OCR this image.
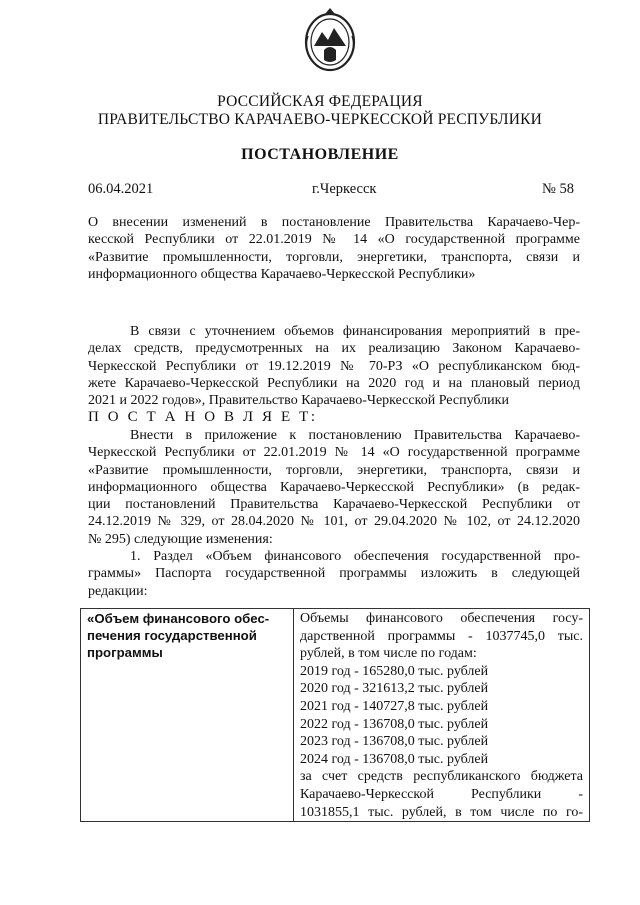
РОССИЙСКАЯ ФЕДЕРАЦИЯ
ПРАВИТЕЛЬСТВО КАРАЧАЕВО-ЧЕРКЕССКОЙ РЕСПУБЛИКИ
ПОСТАНОВЛЕНИЕ
06.04.2021	г.Черкесск	№ 58
О внесении изменений в постановление Правительства Карачаево-Чер-
кесской Республики от 22.01.2019 № 14 «О государственной программе
«Развитие промышленности, торговли, энергетики, транспорта, связи и
информационного общества Карачаево-Черкесской Республики»
В связи с уточнением объемов финансирования мероприятий в пре-
делах средств, предусмотренных на их реализацию Законом Карачаево-
Черкесской Республики от 19.12.2019 № 70-РЗ «О республиканском бюд-
жете Карачаево-Черкесской Республики на 2020 год и на плановый период
2021 и 2022 годов», Правительство Карачаево-Черкесской Республики
П О С Т А Н О В Л Я Е Т:
Внести в приложение к постановлению Правительства Карачаево-
Черкесской Республики от 22.01.2019 № 14 «О государственной программе
«Развитие промышленности, торговли, энергетики, транспорта, связи и
информационного общества Карачаево-Черкесской Республики» (в редак-
ции постановлений Правительства Карачаево-Черкесской Республики от
24.12.2019 № 329, от 28.04.2020 № 101, от 29.04.2020 № 102, от 24.12.2020
№ 295) следующие изменения:
1. Раздел «Объем финансового обеспечения государственной про-
граммы» Паспорта государственной программы изложить в следующей
редакции:
«Объем финансового обес-
печения государственной
программы

Объемы финансового обеспечения госу-
дарственной программы - 1037745,0 тыс.
рублей, в том числе по годам:
2019 год - 165280,0 тыс. рублей
2020 год - 321613,2 тыс. рублей
2021 год - 140727,8 тыс. рублей
2022 год - 136708,0 тыс. рублей
2023 год - 136708,0 тыс. рублей
2024 год - 136708,0 тыс. рублей
за счет средств республиканского бюджета
Карачаево-Черкесской Республики -
1031855,1 тыс. рублей, в том числе по го-
